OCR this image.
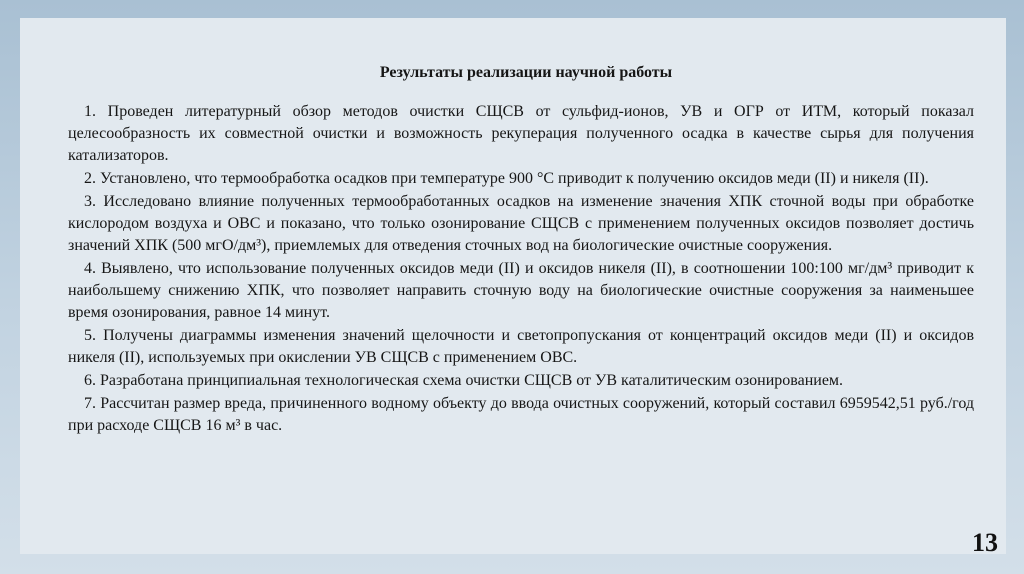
Результаты реализации научной работы

1. Проведен литературный обзор методов очистки СЩСВ от сульфид-ионов, УВ и ОГР от ИТМ, который показал целесообразность их совместной очистки и возможность рекуперация полученного осадка в качестве сырья для получения катализаторов.

2. Установлено, что термообработка осадков при температуре 900 °С приводит к получению оксидов меди (II) и никеля (II).

3. Исследовано влияние полученных термообработанных осадков на изменение значения ХПК сточной воды при обработке кислородом воздуха и ОВС и показано, что только озонирование СЩСВ с применением полученных оксидов позволяет достичь значений ХПК (500 мгО/дм³), приемлемых для отведения сточных вод на биологические очистные сооружения.

4. Выявлено, что использование полученных оксидов меди (II) и оксидов никеля (II), в соотношении 100:100 мг/дм³ приводит к наибольшему снижению ХПК, что позволяет направить сточную воду на биологические очистные сооружения за наименьшее время озонирования, равное 14 минут.

5. Получены диаграммы изменения значений щелочности и светопропускания от концентраций оксидов меди (II) и оксидов никеля (II), используемых при окислении УВ СЩСВ с применением ОВС.

6. Разработана принципиальная технологическая схема очистки СЩСВ от УВ каталитическим озонированием.

7. Рассчитан размер вреда, причиненного водному объекту до ввода очистных сооружений, который составил 6959542,51 руб./год при расходе СЩСВ 16 м³ в час.

13
